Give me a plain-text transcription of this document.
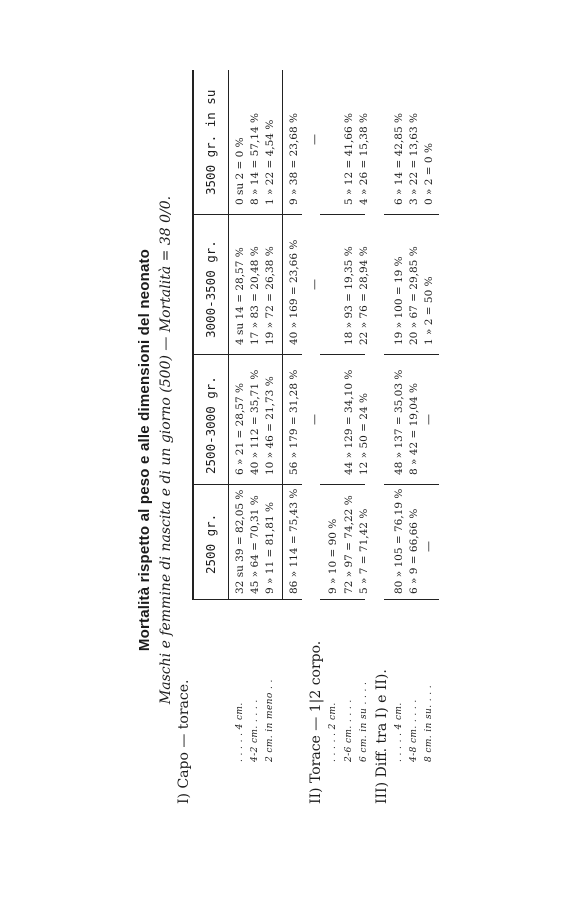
Mortalità rispetto al peso e alle dimensioni del neonato Maschi e femmine di nascita e di un giorno (500) — Mortalità = 38 0/0.
I) Capo — torace.
2500 gr.
2500-3000 gr.
3000-3500 gr.
3500 gr. in su
. . . . . 4 cm.
32 su 39 = 82,05 %
6 » 21 = 28,57 %
4 su 14 = 28,57 %
0 su 2 = 0 %
4-2 cm. . . . .
45 » 64 = 70,31 %
40 » 112 = 35,71 %
17 » 83 = 20,48 %
8 » 14 = 57,14 %
2 cm. in meno . .
9 » 11 = 81,81 %
10 » 46 = 21,73 %
19 » 72 = 26,38 %
1 » 22 = 4,54 %
86 » 114 = 75,43 %
56 » 179 = 31,28 %
40 » 169 = 23,66 %
9 » 38 = 23,68 %
II) Torace — 1|2 corpo. . . . . . 2 cm.
9 » 10 = 90 %
—
—
—
2-6 cm. . . . .
72 » 97 = 74,22 %
44 » 129 = 34,10 %
18 » 93 = 19,35 %
5 » 12 = 41,66 %
6 cm. in su . . . .
5 » 7 = 71,42 %
12 » 50 = 24 %
22 » 76 = 28,94 %
4 » 26 = 15,38 %
III) Diff. tra I) e II). . . . . . 4 cm.
80 » 105 = 76,19 %
48 » 137 = 35,03 %
19 » 100 = 19 %
6 » 14 = 42,85 %
4-8 cm. . . . .
6 » 9 = 66,66 %
8 » 42 = 19,04 %
20 » 67 = 29,85 %
3 » 22 = 13,63 %
8 cm. in su. . . .
—
—
1 » 2 = 50 %
0 » 2 = 0 %
